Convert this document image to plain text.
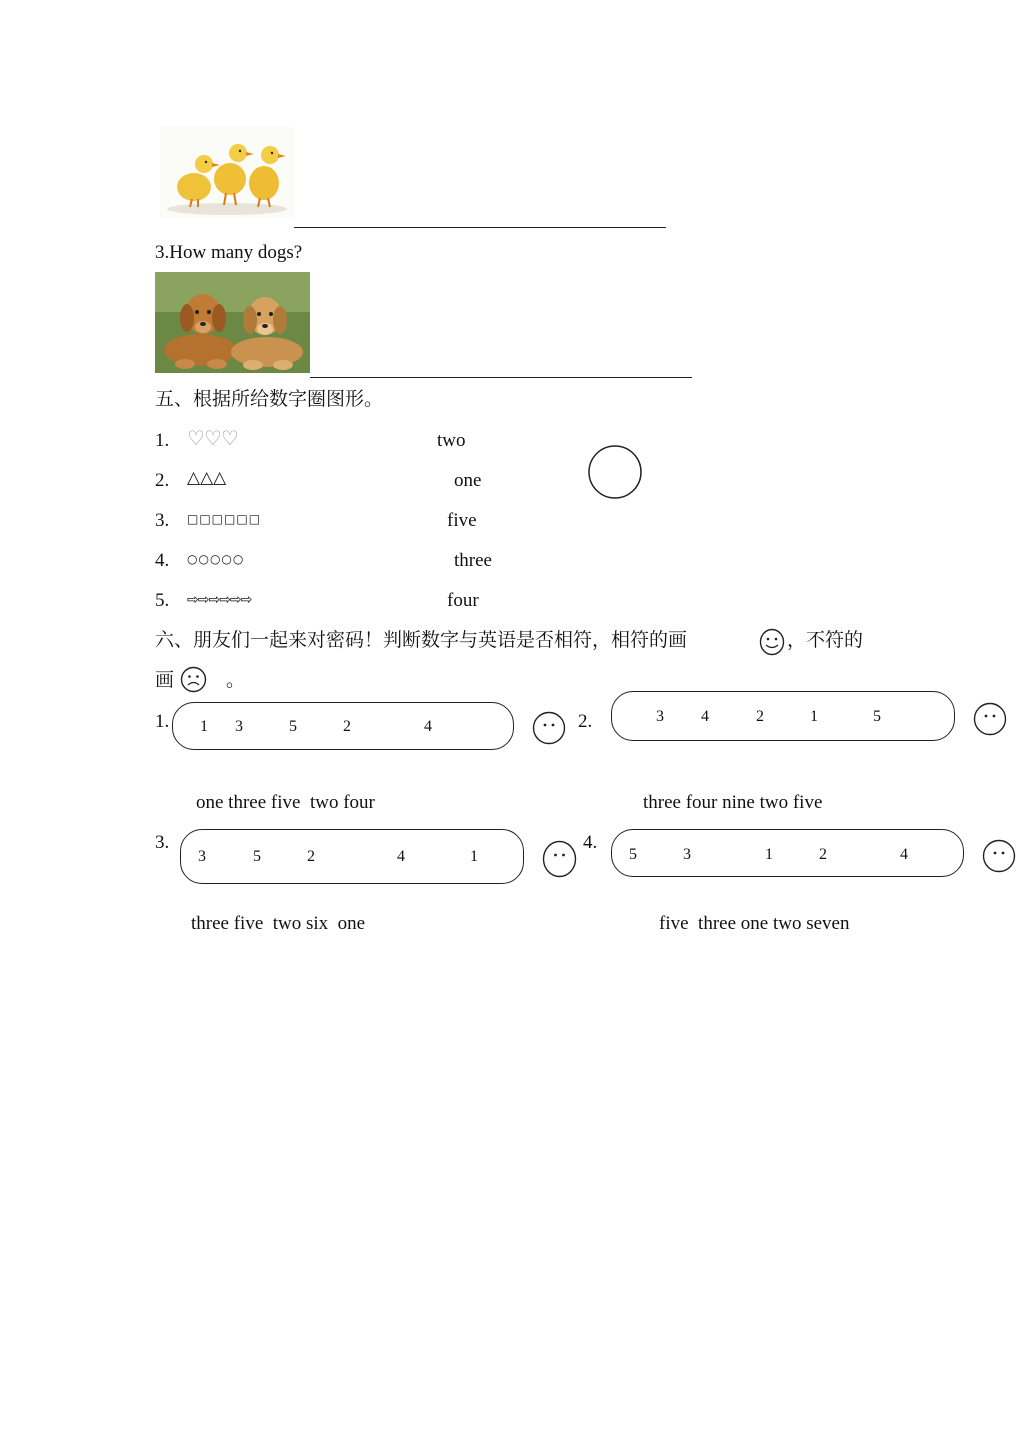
3.How many dogs?
五、根据所给数字圈图形。
1. ♡♡♡	two
2. △△△	one
3. □□□□□□	five
4. ○○○○○	three
5. ⇨⇨⇨⇨⇨⇨	four
六、朋友们一起来对密码！判断数字与英语是否相符，相符的画	，不符的
画	。
1. 1 3	5	2	4
one three five  two four
2.	3 4	2	1	5
three four nine two five
3.
3	5	2	4	1
three five  two six  one
4.
5	3	1	2	4
five  three one two seven
